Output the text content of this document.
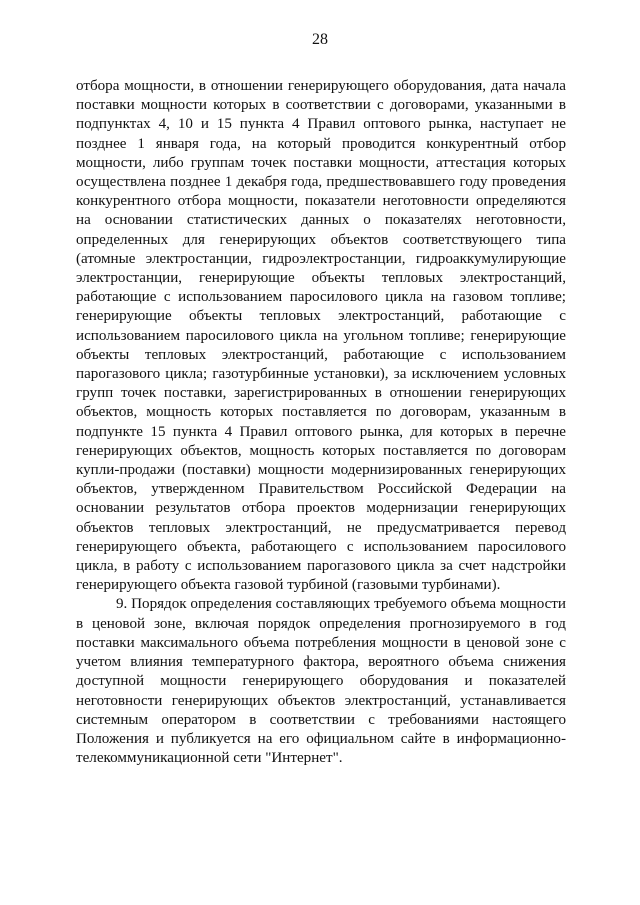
28

отбора мощности, в отношении генерирующего оборудования, дата начала поставки мощности которых в соответствии с договорами, указанными в подпунктах 4, 10 и 15 пункта 4 Правил оптового рынка, наступает не позднее 1 января года, на который проводится конкурентный отбор мощности, либо группам точек поставки мощности, аттестация которых осуществлена позднее 1 декабря года, предшествовавшего году проведения конкурентного отбора мощности, показатели неготовности определяются на основании статистических данных о показателях неготовности, определенных для генерирующих объектов соответствующего типа (атомные электростанции, гидроэлектростанции, гидроаккумулирующие электростанции, генерирующие объекты тепловых электростанций, работающие с использованием паросилового цикла на газовом топливе; генерирующие объекты тепловых электростанций, работающие с использованием паросилового цикла на угольном топливе; генерирующие объекты тепловых электростанций, работающие с использованием парогазового цикла; газотурбинные установки), за исключением условных групп точек поставки, зарегистрированных в отношении генерирующих объектов, мощность которых поставляется по договорам, указанным в подпункте 15 пункта 4 Правил оптового рынка, для которых в перечне генерирующих объектов, мощность которых поставляется по договорам купли-продажи (поставки) мощности модернизированных генерирующих объектов, утвержденном Правительством Российской Федерации на основании результатов отбора проектов модернизации генерирующих объектов тепловых электростанций, не предусматривается перевод генерирующего объекта, работающего с использованием паросилового цикла, в работу с использованием парогазового цикла за счет надстройки генерирующего объекта газовой турбиной (газовыми турбинами).

9. Порядок определения составляющих требуемого объема мощности в ценовой зоне, включая порядок определения прогнозируемого в год поставки максимального объема потребления мощности в ценовой зоне с учетом влияния температурного фактора, вероятного объема снижения доступной мощности генерирующего оборудования и показателей неготовности генерирующих объектов электростанций, устанавливается системным оператором в соответствии с требованиями настоящего Положения и публикуется на его официальном сайте в информационно-телекоммуникационной сети "Интернет".
